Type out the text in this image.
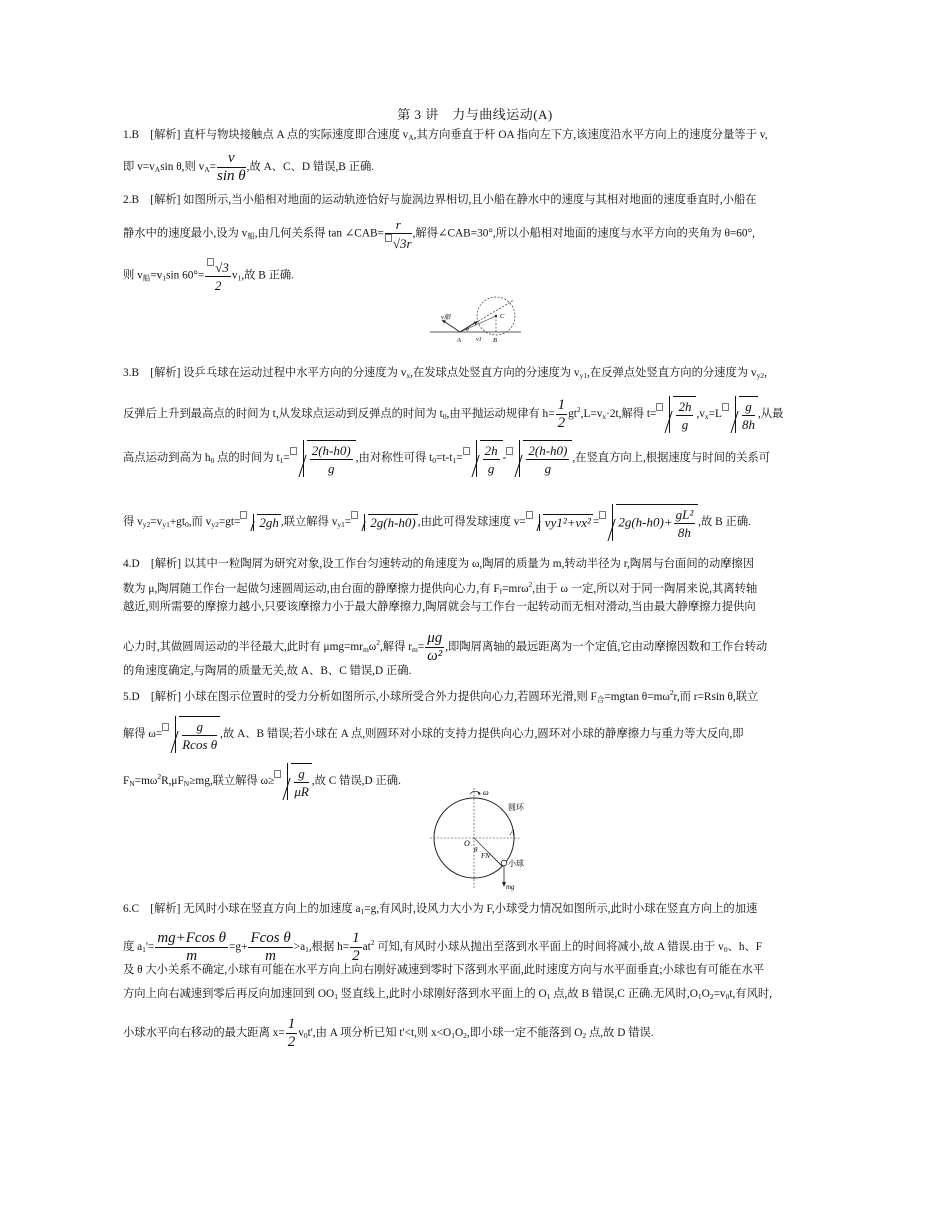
第 3 讲　力与曲线运动(A)
1.B　[解析] 直杆与物块接触点 A 点的实际速度即合速度 $v_A$,其方向垂直于杆 OA 指向左下方,该速度沿水平方向上的速度分量等于 v,
即 $v=v_A\sin$ θ,则 $v_A= \frac{v}{\text{sin θ}}$ ,故 A、C、D 错误,B 正确.
2.B　[解析] 如图所示,当小船相对地面的运动轨迹恰好与旋涡边界相切,且小船在静水中的速度与其相对地面的速度垂直时,小船在
静水中的速度最小,设为 $v_船$,由几何关系得 tan ∠CAB= $\frac{r}{√3r}$ ,解得∠CAB=30°,所以小船相对地面的速度与水平方向的夹角为 θ=60°,
则 $v_船=v_1\sin$ $60^\circ= \frac{√3}{2} v_1$,故 B 正确.
v船
A	v1 B
C
θ
3.B　[解析] 设乒乓球在运动过程中水平方向的分速度为 $v_x$,在发球点处竖直方向的分速度为 $v_{y1}$,在反弹点处竖直方向的分速度为 $v_{y2}$,
反弹后上升到最高点的时间为 t,从发球点运动到反弹点的时间为 $t_0$,由平抛运动规律有 $h= \frac{1}{2} gt^2,L=v_x\cdot 2t$,解得 $t= \frac{2h}{g} ,v_x=L \frac{g}{8h}$ ,从最
高点运动到高为 $h_0$ 点的时间为 $t_1= \frac{2(h-h0)}{g}$ ,由对称性可得 $t_0=t-t_1= \frac{2h}{g} - \frac{2(h-h0)}{g}$ ,在竖直方向上,根据速度与时间的关系可
得 $v_{y2}=v_{y1}+gt_0$,而 $v_{y2}=gt= 2gh$ ,联立解得 $v_{y1}= 2g(h-h0)$ ,由此可得发球速度 $v= vy1^2+vx^2 = 2g(h-h0)+ \frac{\text{gL²}}{8h}$ ,故 B 正确.
4.D　[解析] 以其中一粒陶屑为研究对象,设工作台匀速转动的角速度为 ω,陶屑的质量为 m,转动半径为 r,陶屑与台面间的动摩擦因
数为 μ,陶屑随工作台一起做匀速圆周运动,由台面的静摩擦力提供向心力,有 $F_f=mr\omega^2$,由于 ω 一定,所以对于同一陶屑来说,其离转轴
越近,则所需要的摩擦力越小,只要该摩擦力小于最大静摩擦力,陶屑就会与工作台一起转动而无相对滑动,当由最大静摩擦力提供向
心力时,其做圆周运动的半径最大,此时有 $\mu mg=mr_m\omega^2$,解得 $r_m= \frac{\mu g}{\text{ω²}}$ ,即陶屑离轴的最远距离为一个定值,它由动摩擦因数和工作台转动
的角速度确定,与陶屑的质量无关,故 A、B、C 错误,D 正确.
5.D　[解析] 小球在图示位置时的受力分析如图所示,小球所受合外力提供向心力,若圆环光滑,则 $F_合=mgtan$ $\theta=m\omega^2r$,而 r=Rsin θ,联立
解得 $\omega= \frac{g}{\text{Rcos θ}}$ ,故 A、B 错误;若小球在 A 点,则圆环对小球的支持力提供向心力,圆环对小球的静摩擦力与重力等大反向,即
$F_N=m\omega^2R,\mu F_N\ge mg$,联立解得 $\omega\ge \frac{g}{\mu R}$ ,故 C 错误,D 正确.
ω
圆环
A
O
θ
FN
小球
mg
6.C　[解析] 无风时小球在竖直方向上的加速度 $a_1=g$,有风时,设风力大小为 F,小球受力情况如图所示,此时小球在竖直方向上的加速
度 $a_1'= \frac{\text{mg+Fcos θ}}{m} =g+ \frac{\text{Fcos θ}}{m} >a_1$,根据 $h= \frac{1}{2} at^2$ 可知,有风时小球从抛出至落到水平面上的时间将减小,故 A 错误.由于 $v_0$、h、F
及 θ 大小关系不确定,小球有可能在水平方向上向右刚好减速到零时下落到水平面,此时速度方向与水平面垂直;小球也有可能在水平
方向上向右减速到零后再反向加速回到 $OO_1$ 竖直线上,此时小球刚好落到水平面上的 $O_1$ 点,故 B 错误,C 正确.无风时$,O_1O_2=v_0t$,有风时,
小球水平向右移动的最大距离 $x= \frac{1}{2} v_0t'$,由 A 项分析已知 t'<t,则 $x<O_1O_2$,即小球一定不能落到 $O_2$ 点,故 D 错误.
